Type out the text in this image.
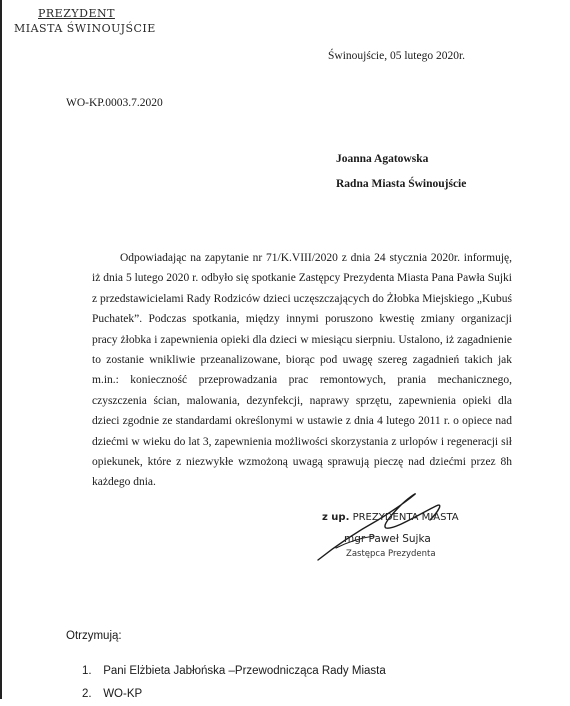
PREZYDENT
MIASTA ŚWINOUJŚCIE
Świnoujście, 05 lutego 2020r.
WO-KP.0003.7.2020
Joanna Agatowska
Radna Miasta Świnoujście

Odpowiadając na zapytanie nr 71/K.VIII/2020 z dnia 24 stycznia 2020r. informuję, iż dnia 5 lutego 2020 r. odbyło się spotkanie Zastępcy Prezydenta Miasta Pana Pawła Sujki z przedstawicielami Rady Rodziców dzieci uczęszczających do Żłobka Miejskiego „Kubuś Puchatek”. Podczas spotkania, między innymi poruszono kwestię zmiany organizacji pracy żłobka i zapewnienia opieki dla dzieci w miesiącu sierpniu. Ustalono, iż zagadnienie to zostanie wnikliwie przeanalizowane, biorąc pod uwagę szereg zagadnień takich jak m.in.: konieczność przeprowadzania prac remontowych, prania mechanicznego, czyszczenia ścian, malowania, dezynfekcji, naprawy sprzętu, zapewnienia opieki dla dzieci zgodnie ze standardami określonymi w ustawie z dnia 4 lutego 2011 r. o opiece nad dziećmi w wieku do lat 3, zapewnienia możliwości skorzystania z urlopów i regeneracji sił opiekunek, które z niezwykłe wzmożoną uwagą sprawują pieczę nad dziećmi przez 8h każdego dnia.

z up. PREZYDENTA MIASTA
mgr Paweł Sujka
Zastępca Prezydenta
Otrzymują:
1. Pani Elżbieta Jabłońska –Przewodnicząca Rady Miasta
2. WO-KP
